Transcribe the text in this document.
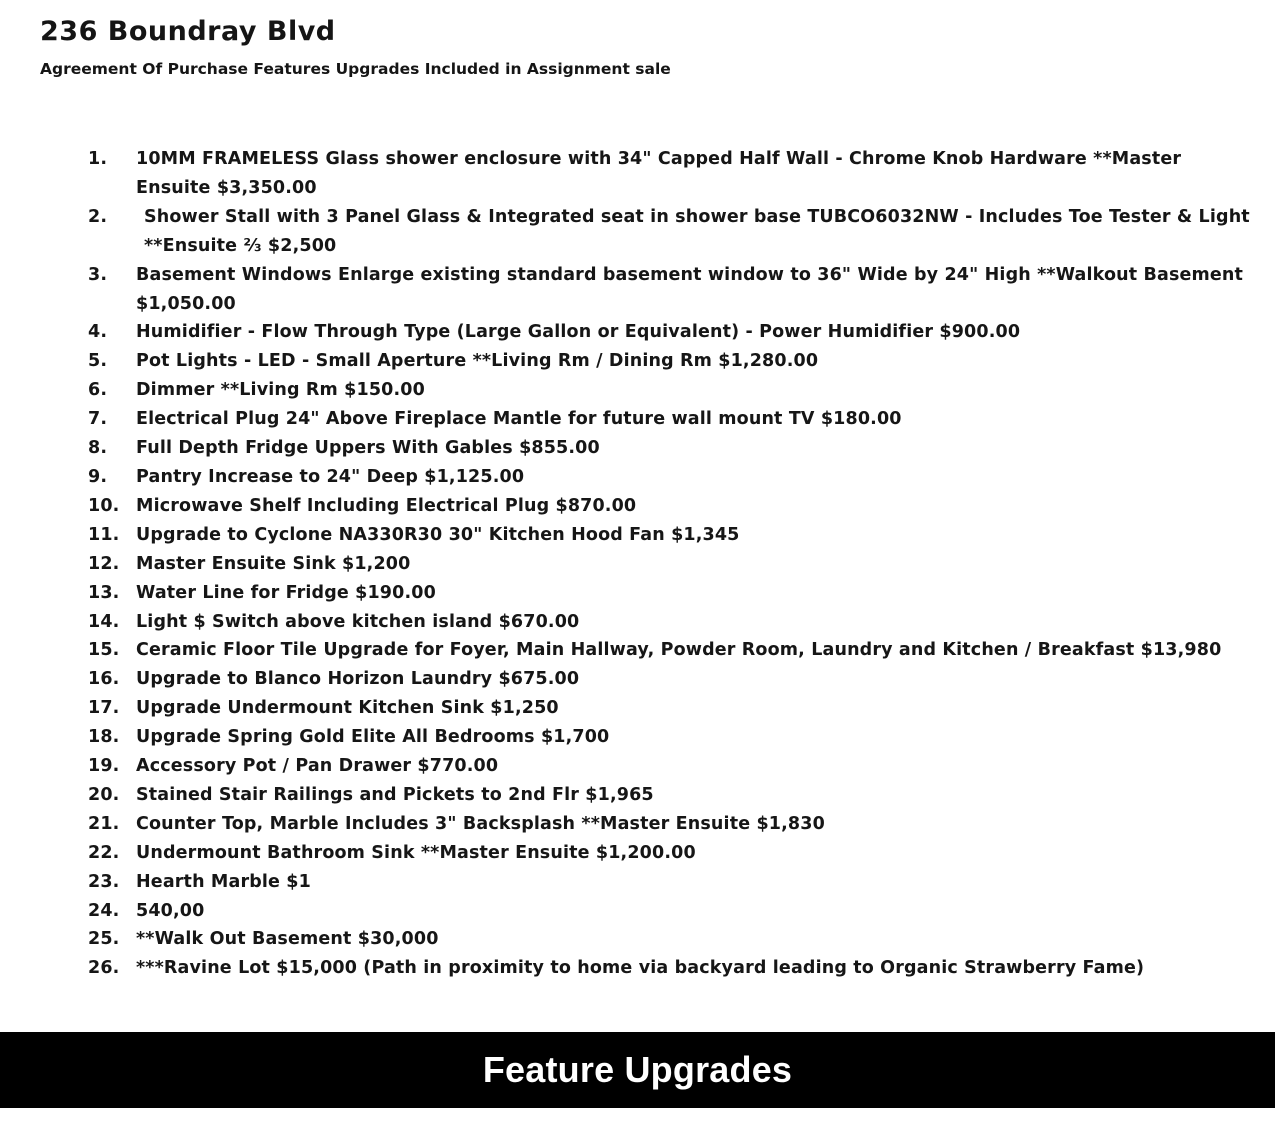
236 Boundray Blvd

Agreement Of Purchase Features Upgrades Included in Assignment sale

1. 10MM FRAMELESS Glass shower enclosure with 34" Capped Half Wall - Chrome Knob Hardware **Master Ensuite $3,350.00
2. Shower Stall with 3 Panel Glass & Integrated seat in shower base TUBCO6032NW - Includes Toe Tester & Light **Ensuite ⅔ $2,500
3. Basement Windows Enlarge existing standard basement window to 36" Wide by 24" High **Walkout Basement $1,050.00
4. Humidifier - Flow Through Type (Large Gallon or Equivalent) - Power Humidifier $900.00
5. Pot Lights - LED - Small Aperture **Living Rm / Dining Rm $1,280.00
6. Dimmer **Living Rm $150.00
7. Electrical Plug 24" Above Fireplace Mantle for future wall mount TV $180.00
8. Full Depth Fridge Uppers With Gables $855.00
9. Pantry Increase to 24" Deep $1,125.00
10. Microwave Shelf Including Electrical Plug $870.00
11. Upgrade to Cyclone NA330R30 30" Kitchen Hood Fan $1,345
12. Master Ensuite Sink $1,200
13. Water Line for Fridge $190.00
14. Light $ Switch above kitchen island $670.00
15. Ceramic Floor Tile Upgrade for Foyer, Main Hallway, Powder Room, Laundry and Kitchen / Breakfast $13,980
16. Upgrade to Blanco Horizon Laundry $675.00
17. Upgrade Undermount Kitchen Sink $1,250
18. Upgrade Spring Gold Elite All Bedrooms $1,700
19. Accessory Pot / Pan Drawer $770.00
20. Stained Stair Railings and Pickets to 2nd Flr $1,965
21. Counter Top, Marble Includes 3" Backsplash **Master Ensuite $1,830
22. Undermount Bathroom Sink **Master Ensuite $1,200.00
23. Hearth Marble $1
24. 540,00
25. **Walk Out Basement $30,000
26. ***Ravine Lot $15,000 (Path in proximity to home via backyard leading to Organic Strawberry Fame)
Feature Upgrades
